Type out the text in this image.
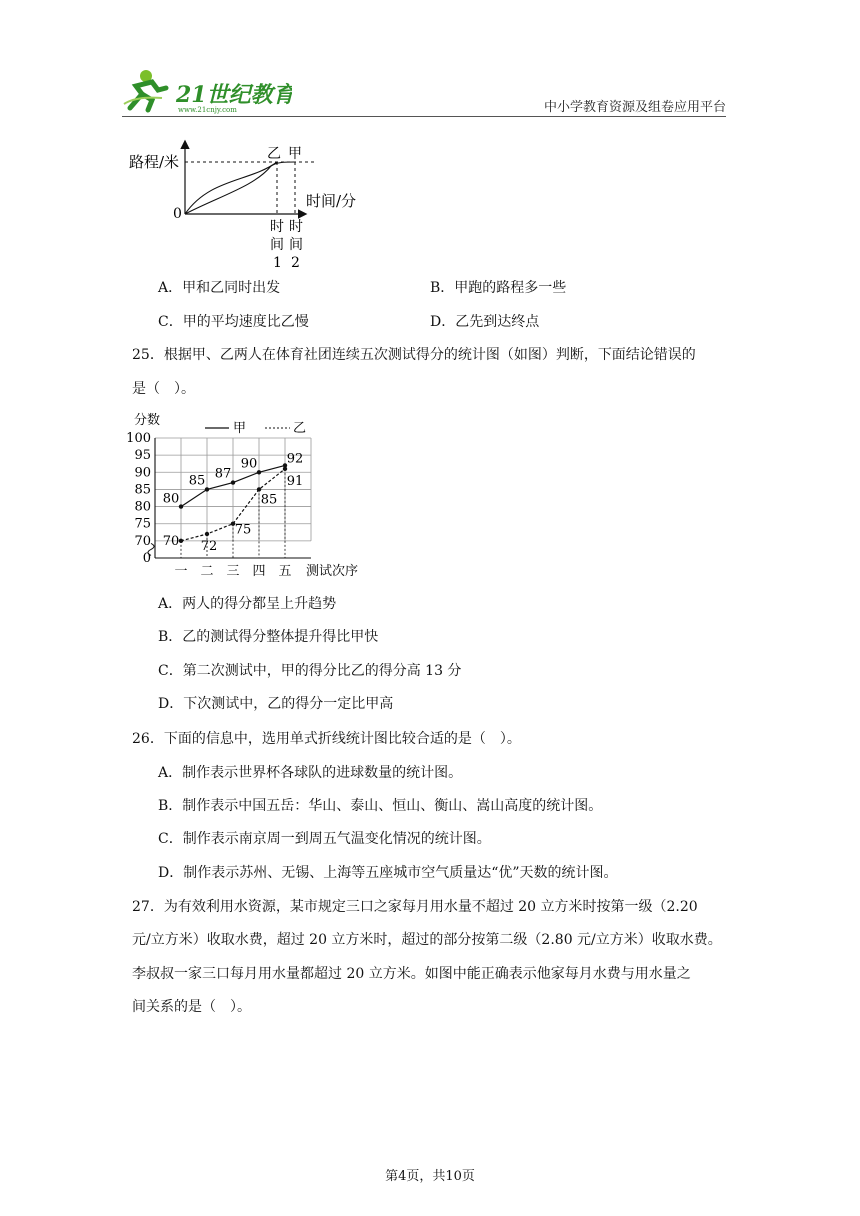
21世纪教育
www.21cnjy.com	中小学教育资源及组卷应用平台
路程/米
时间/分
0
乙 甲
时
间
1
时
间
2
A．甲和乙同时出发	B．甲跑的路程多一些
C．甲的平均速度比乙慢	D．乙先到达终点
25．根据甲、乙两人在体育社团连续五次测试得分的统计图（如图）判断，下面结论错误的
是（　）。
0
70
75
80
85
90
95
100
一 二 三 四 五
80
85 87
90 92
70 72
75
85
91
分数
甲	乙
测试次序
A．两人的得分都呈上升趋势
B．乙的测试得分整体提升得比甲快
C．第二次测试中，甲的得分比乙的得分高 13 分
D．下次测试中，乙的得分一定比甲高
26．下面的信息中，选用单式折线统计图比较合适的是（　）。
A．制作表示世界杯各球队的进球数量的统计图。
B．制作表示中国五岳：华山、泰山、恒山、衡山、嵩山高度的统计图。
C．制作表示南京周一到周五气温变化情况的统计图。
D．制作表示苏州、无锡、上海等五座城市空气质量达“优”天数的统计图。
27．为有效利用水资源，某市规定三口之家每月用水量不超过 20 立方米时按第一级（2.20
元/立方米）收取水费，超过 20 立方米时，超过的部分按第二级（2.80 元/立方米）收取水费。
李叔叔一家三口每月用水量都超过 20 立方米。如图中能正确表示他家每月水费与用水量之
间关系的是（　）。
第4页，共10页
